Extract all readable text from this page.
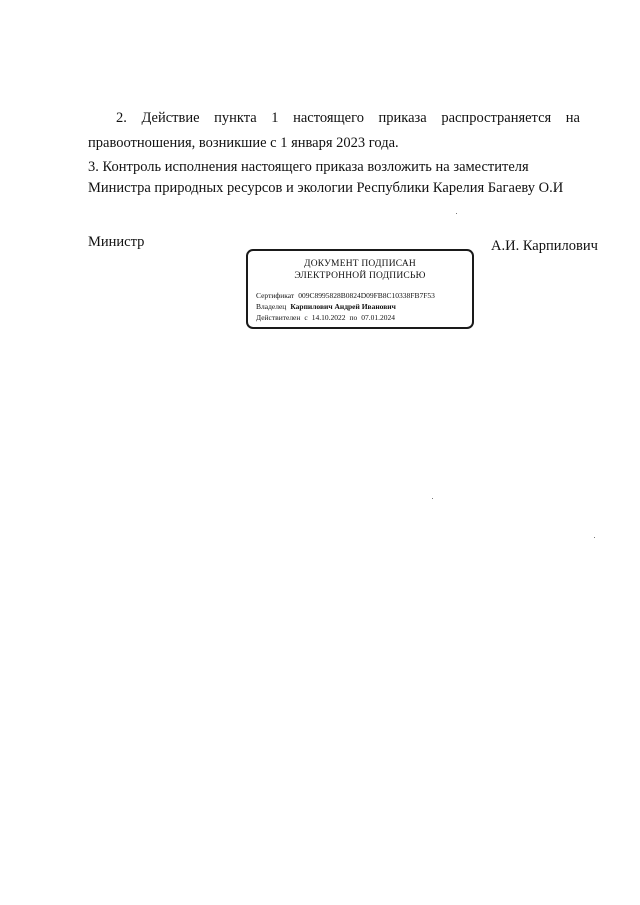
2. Действие пункта 1 настоящего приказа распространяется на
правоотношения, возникшие с 1 января 2023 года.
3. Контроль исполнения настоящего приказа возложить на заместителя
Министра природных ресурсов и экологии Республики Карелия Багаеву О.И
Министр	А.И. Карпилович
ДОКУМЕНТ ПОДПИСАН
ЭЛЕКТРОННОЙ ПОДПИСЬЮ
Сертификат 009C8995828B0824D09FB8C10338FB7F53
Владелец Карпилович Андрей Иванович
Действителен с 14.10.2022 по 07.01.2024
